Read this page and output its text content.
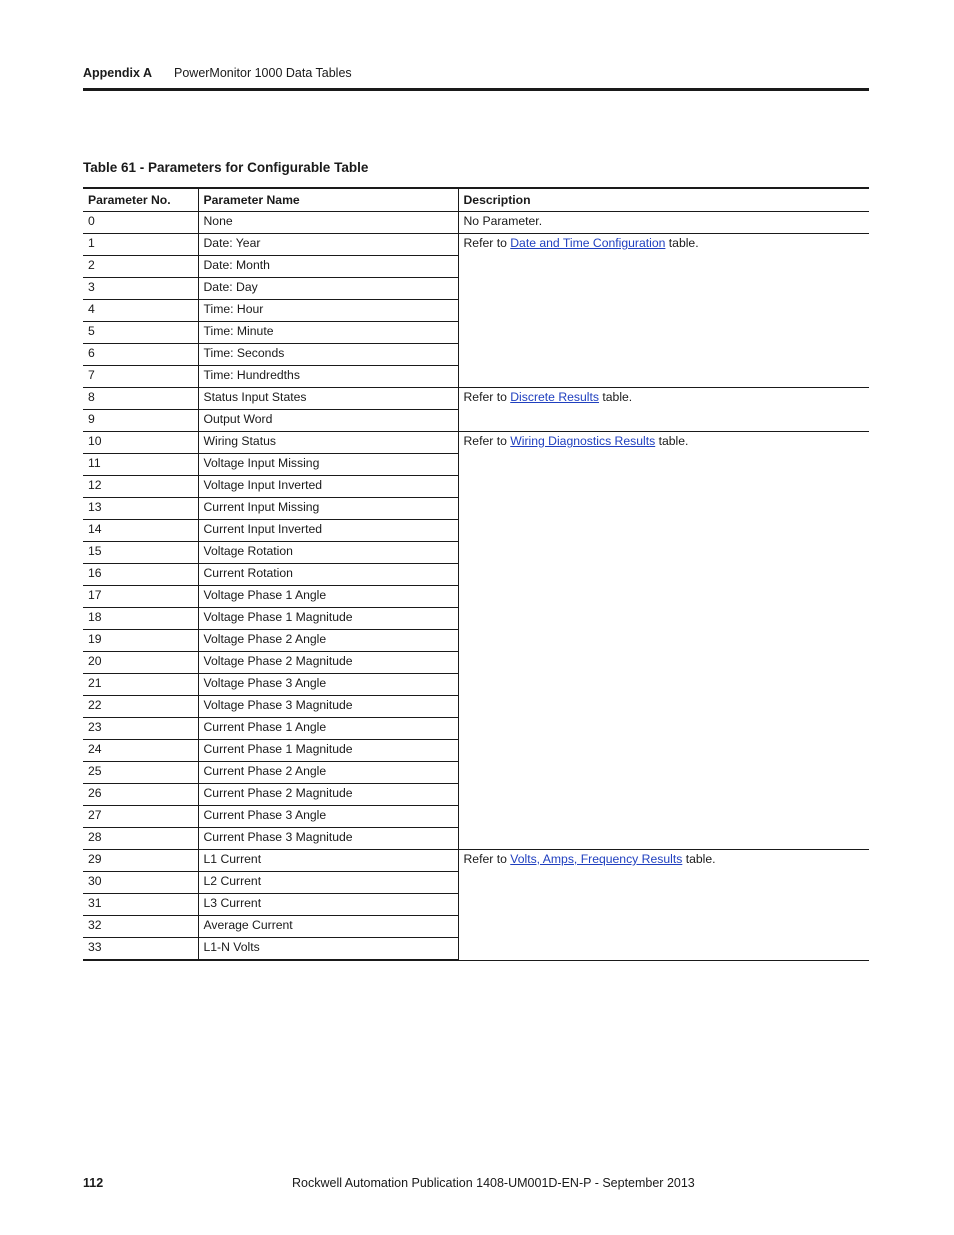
Appendix A PowerMonitor 1000 Data Tables
Table 61 - Parameters for Configurable Table
Parameter No.	Parameter Name	Description
0	None	No Parameter.
1	Date: Year	Refer to Date and Time Configuration table.
2	Date: Month	
3	Date: Day	
4	Time: Hour	
5	Time: Minute	
6	Time: Seconds	
7	Time: Hundredths	
8	Status Input States	Refer to Discrete Results table.
9	Output Word	
10	Wiring Status	Refer to Wiring Diagnostics Results table.
11	Voltage Input Missing	
12	Voltage Input Inverted	
13	Current Input Missing	
14	Current Input Inverted	
15	Voltage Rotation	
16	Current Rotation	
17	Voltage Phase 1 Angle	
18	Voltage Phase 1 Magnitude	
19	Voltage Phase 2 Angle	
20	Voltage Phase 2 Magnitude	
21	Voltage Phase 3 Angle	
22	Voltage Phase 3 Magnitude	
23	Current Phase 1 Angle	
24	Current Phase 1 Magnitude	
25	Current Phase 2 Angle	
26	Current Phase 2 Magnitude	
27	Current Phase 3 Angle	
28	Current Phase 3 Magnitude	
29	L1 Current	Refer to Volts, Amps, Frequency Results table.
30	L2 Current	
31	L3 Current	
32	Average Current	
33	L1-N Volts	
112	Rockwell Automation Publication 1408-UM001D-EN-P - September 2013
